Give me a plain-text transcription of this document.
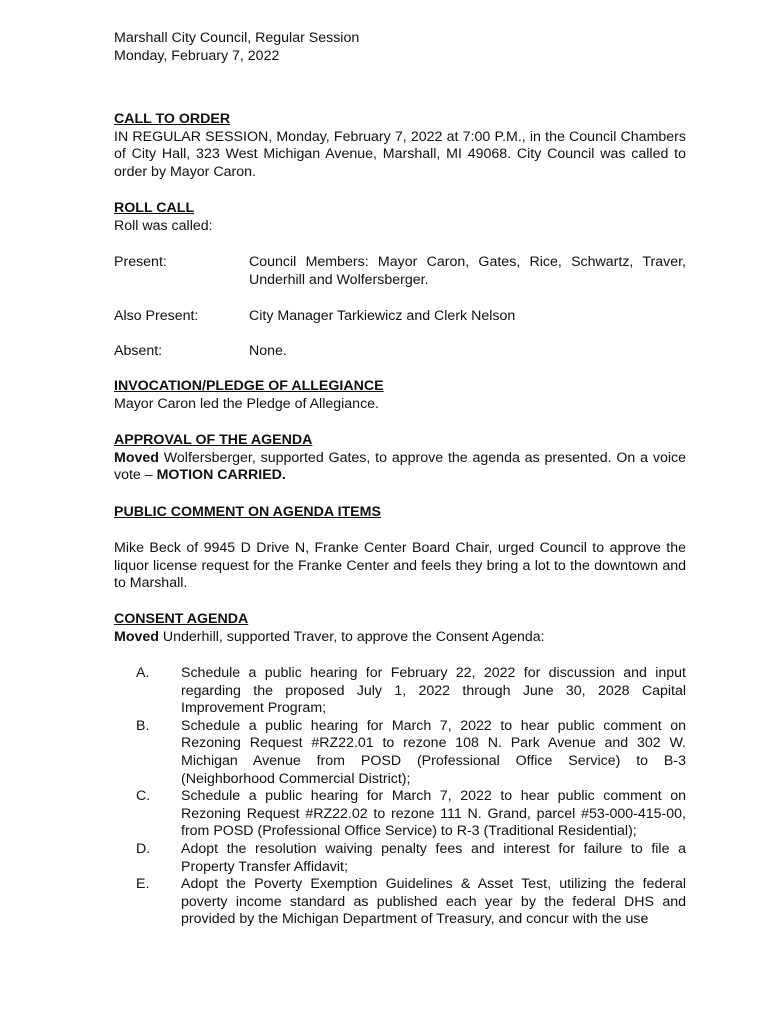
Marshall City Council, Regular Session
Monday, February 7, 2022
CALL TO ORDER

IN REGULAR SESSION, Monday, February 7, 2022 at 7:00 P.M., in the Council Chambers of City Hall, 323 West Michigan Avenue, Marshall, MI 49068. City Council was called to order by Mayor Caron.

ROLL CALL

Roll was called:

Present:	Council Members: Mayor Caron, Gates, Rice, Schwartz, Traver, Underhill and Wolfersberger.

Also Present:	City Manager Tarkiewicz and Clerk Nelson

Absent:	None.

INVOCATION/PLEDGE OF ALLEGIANCE

Mayor Caron led the Pledge of Allegiance.

APPROVAL OF THE AGENDA

Moved Wolfersberger, supported Gates, to approve the agenda as presented. On a voice vote – MOTION CARRIED.

PUBLIC COMMENT ON AGENDA ITEMS

Mike Beck of 9945 D Drive N, Franke Center Board Chair, urged Council to approve the liquor license request for the Franke Center and feels they bring a lot to the downtown and to Marshall.

CONSENT AGENDA

Moved Underhill, supported Traver, to approve the Consent Agenda:

A. Schedule a public hearing for February 22, 2022 for discussion and input regarding the proposed July 1, 2022 through June 30, 2028 Capital Improvement Program;

B. Schedule a public hearing for March 7, 2022 to hear public comment on Rezoning Request #RZ22.01 to rezone 108 N. Park Avenue and 302 W. Michigan Avenue from POSD (Professional Office Service) to B-3 (Neighborhood Commercial District);

C. Schedule a public hearing for March 7, 2022 to hear public comment on Rezoning Request #RZ22.02 to rezone 111 N. Grand, parcel #53-000-415-00, from POSD (Professional Office Service) to R-3 (Traditional Residential);

D. Adopt the resolution waiving penalty fees and interest for failure to file a Property Transfer Affidavit;

E. Adopt the Poverty Exemption Guidelines & Asset Test, utilizing the federal poverty income standard as published each year by the federal DHS and provided by the Michigan Department of Treasury, and concur with the use
